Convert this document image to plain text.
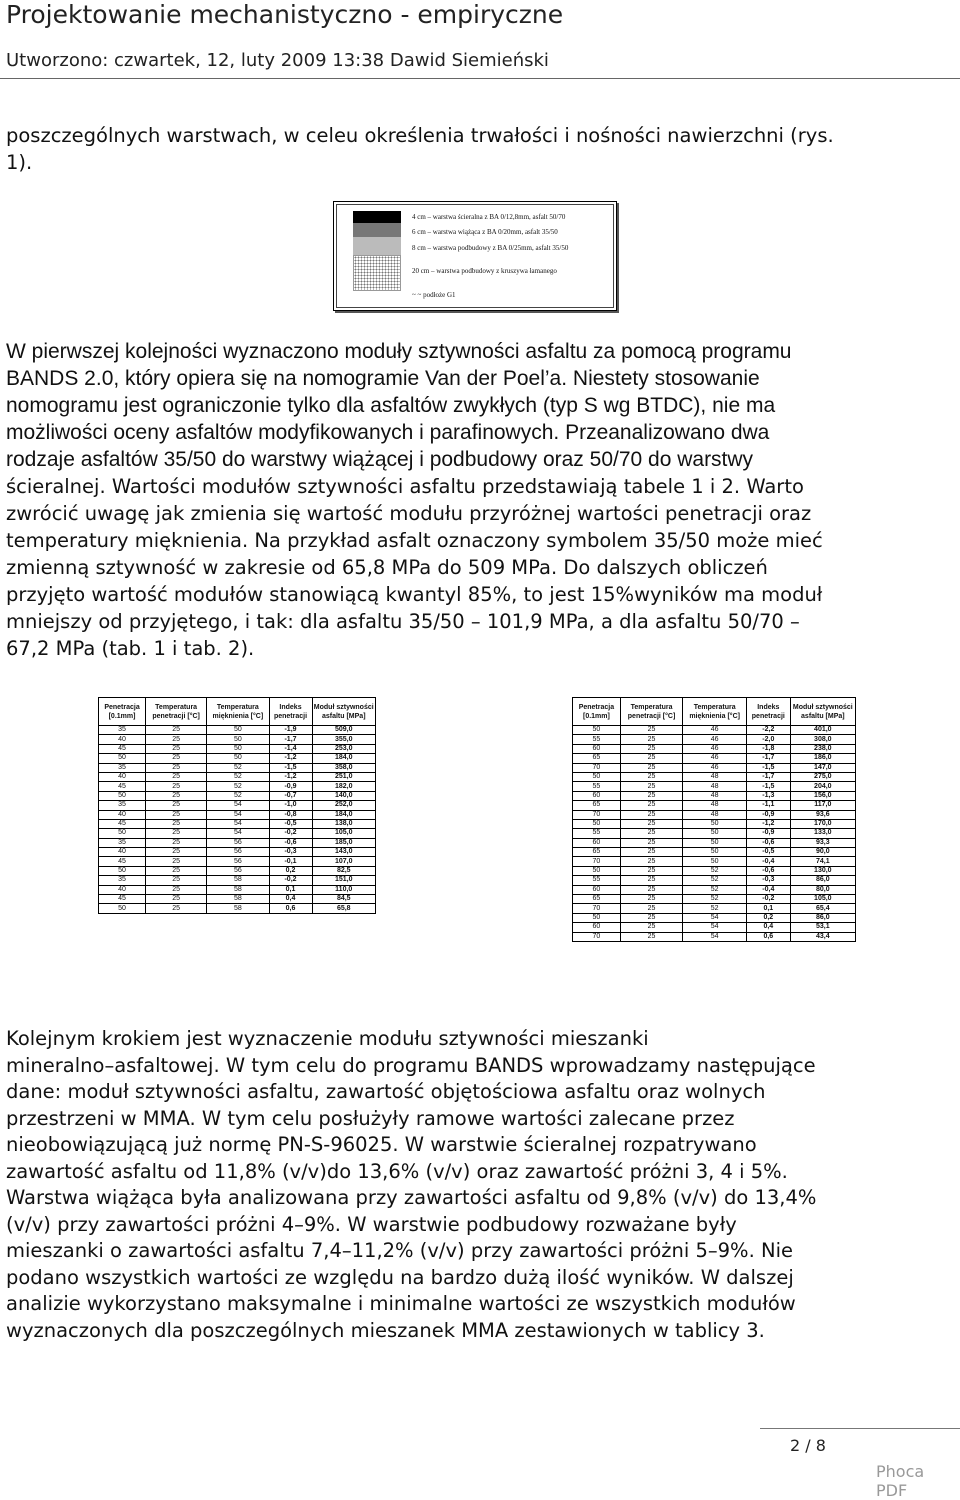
Projektowanie mechanistyczno - empiryczne
Utworzono: czwartek, 12, luty 2009 13:38 Dawid Siemieński
poszczególnych warstwach, w celeu określenia trwałości i nośności nawierzchni (rys.
1).
4 cm – warstwa ścieralna z BA 0/12,8mm, asfalt 50/70
6 cm – warstwa wiążąca z BA 0/20mm, asfalt 35/50
8 cm – warstwa podbudowy z BA 0/25mm, asfalt 35/50
20 cm – warstwa podbudowy z kruszywa łamanego
~ ~ podłoże G1
W pierwszej kolejności wyznaczono moduły sztywności asfaltu za pomocą programu
BANDS 2.0, który opiera się na nomogramie Van der Poel’a. Niestety stosowanie
nomogramu jest ograniczonie tylko dla asfaltów zwykłych (typ S wg BTDC), nie ma
możliwości oceny asfaltów modyfikowanych i parafinowych. Przeanalizowano dwa
rodzaje asfaltów 35/50 do warstwy wiążącej i podbudowy oraz 50/70 do warstwy
ścieralnej. Wartości modułów sztywności asfaltu przedstawiają tabele 1 i 2. Warto
zwrócić uwagę jak zmienia się wartość modułu przyróżnej wartości penetracji oraz
temperatury mięknienia. Na przykład asfalt oznaczony symbolem 35/50 może mieć
zmienną sztywność w zakresie od 65,8 MPa do 509 MPa. Do dalszych obliczeń
przyjęto wartość modułów stanowiącą kwantyl 85%, to jest 15%wyników ma moduł
mniejszy od przyjętego, i tak: dla asfaltu 35/50 – 101,9 MPa, a dla asfaltu 50/70 –
67,2 MPa (tab. 1 i tab. 2).
Penetracja [0.1mm]	Temperatura penetracji [°C]	Temperatura mięknienia [°C]	Indeks penetracji	Moduł sztywności asfaltu [MPa]
35	25	50	-1,9	509,0
40	25	50	-1,7	355,0
45	25	50	-1,4	253,0
50	25	50	-1,2	184,0
35	25	52	-1,5	358,0
40	25	52	-1,2	251,0
45	25	52	-0,9	182,0
50	25	52	-0,7	140,0
35	25	54	-1,0	252,0
40	25	54	-0,8	184,0
45	25	54	-0,5	138,0
50	25	54	-0,2	105,0
35	25	56	-0,6	185,0
40	25	56	-0,3	143,0
45	25	56	-0,1	107,0
50	25	56	0,2	82,5
35	25	58	-0,2	151,0
40	25	58	0,1	110,0
45	25	58	0,4	84,5
50	25	58	0,6	65,8
Penetracja [0.1mm]	Temperatura penetracji [°C]	Temperatura mięknienia [°C]	Indeks penetracji	Moduł sztywności asfaltu [MPa]
50	25	46	-2,2	401,0
55	25	46	-2,0	308,0
60	25	46	-1,8	238,0
65	25	46	-1,7	186,0
70	25	46	-1,5	147,0
50	25	48	-1,7	275,0
55	25	48	-1,5	204,0
60	25	48	-1,3	156,0
65	25	48	-1,1	117,0
70	25	48	-0,9	93,6
50	25	50	-1,2	170,0
55	25	50	-0,9	133,0
60	25	50	-0,6	93,3
65	25	50	-0,5	90,0
70	25	50	-0,4	74,1
50	25	52	-0,6	130,0
55	25	52	-0,3	86,0
60	25	52	-0,4	80,0
65	25	52	-0,2	105,0
70	25	52	0,1	65,4
50	25	54	0,2	86,0
60	25	54	0,4	53,1
70	25	54	0,6	43,4
Kolejnym krokiem jest wyznaczenie modułu sztywności mieszanki
mineralno–asfaltowej. W tym celu do programu BANDS wprowadzamy następujące
dane: moduł sztywności asfaltu, zawartość objętościowa asfaltu oraz wolnych
przestrzeni w MMA. W tym celu posłużyły ramowe wartości zalecane przez
nieobowiązującą już normę PN-S-96025. W warstwie ścieralnej rozpatrywano
zawartość asfaltu od 11,8% (v/v)do 13,6% (v/v) oraz zawartość próżni 3, 4 i 5%.
Warstwa wiążąca była analizowana przy zawartości asfaltu od 9,8% (v/v) do 13,4%
(v/v) przy zawartości próżni 4–9%. W warstwie podbudowy rozważane były
mieszanki o zawartości asfaltu 7,4–11,2% (v/v) przy zawartości próżni 5–9%. Nie
podano wszystkich wartości ze względu na bardzo dużą ilość wyników. W dalszej
analizie wykorzystano maksymalne i minimalne wartości ze wszystkich modułów
wyznaczonych dla poszczególnych mieszanek MMA zestawionych w tablicy 3.
2 / 8
Phoca PDF
